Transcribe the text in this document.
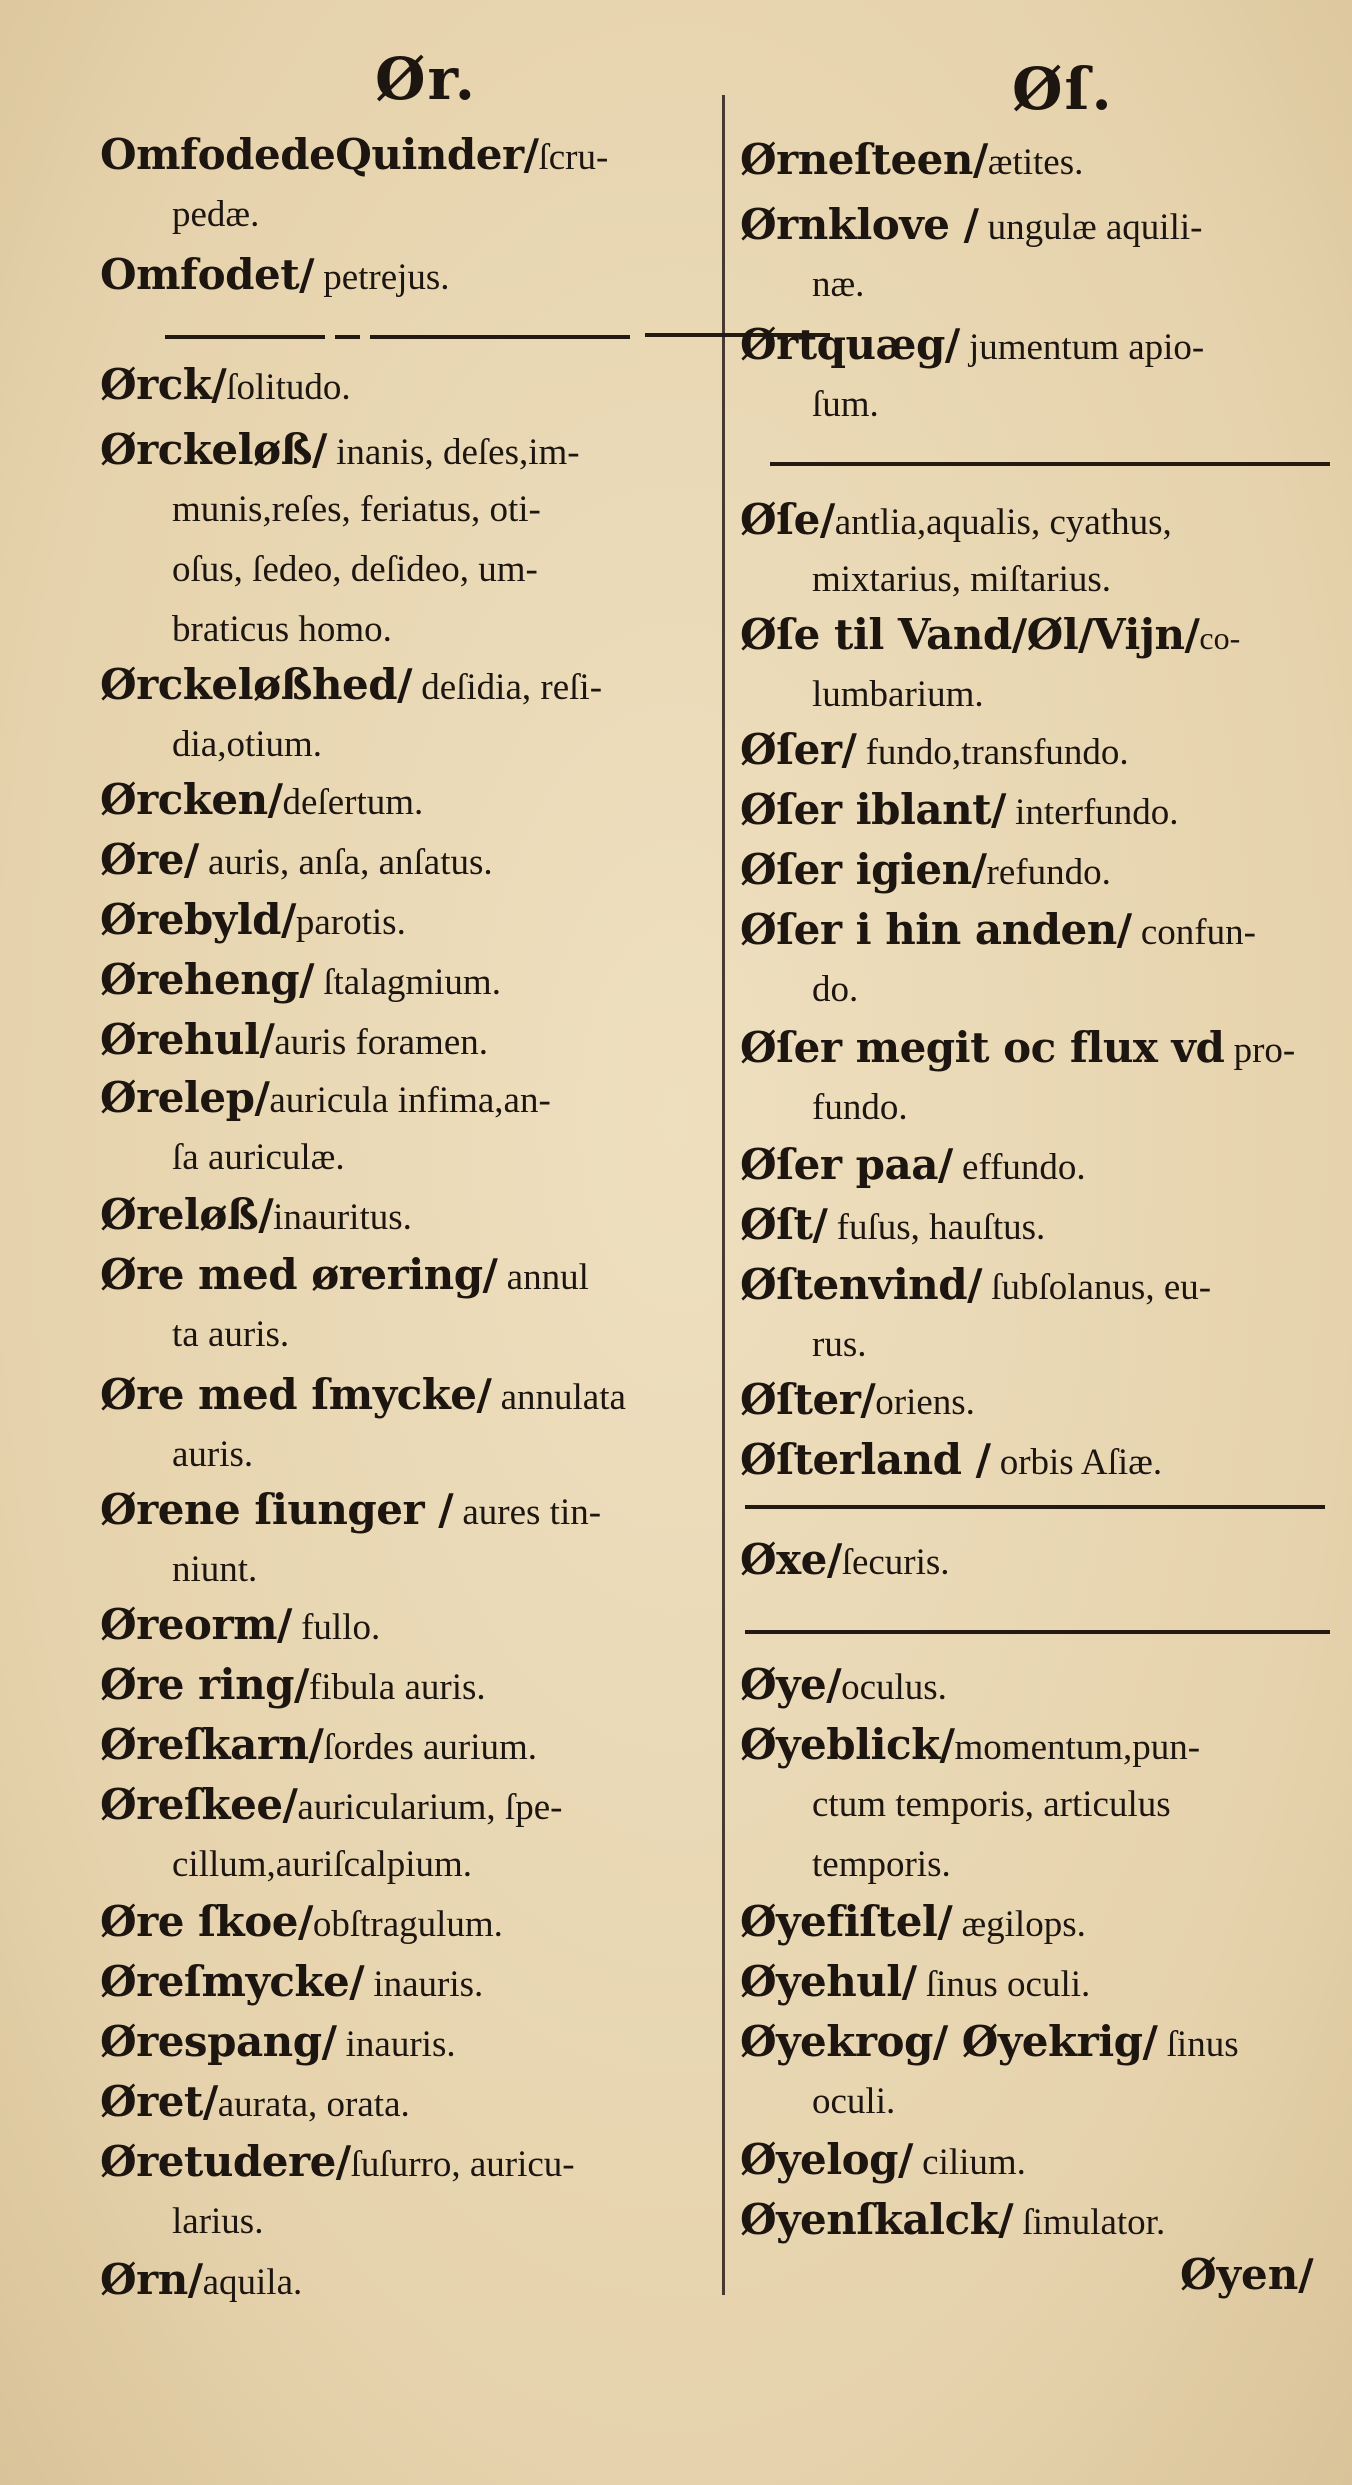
Ør.	Øſ.
OmfodedeQuinder/ſcru-
pedæ.
Omfodet/ petrejus.
Ørck/ſolitudo.
Ørckeløß/ inanis, deſes,im-
munis,reſes, feriatus, oti-
oſus, ſedeo, deſideo, um-
braticus homo.
Ørckeløßhed/ deſidia, reſi-
dia,otium.
Ørcken/deſertum.
Øre/ auris, anſa, anſatus.
Ørebyld/parotis.
Øreheng/ ſtalagmium.
Ørehul/auris foramen.
Ørelep/auricula infima,an-
ſa auriculæ.
Øreløß/inauritus.
Øre med ørering/ annul
ta auris.
Øre med ſmycke/ annulata
auris.
Ørene ſiunger / aures tin-
niunt.
Øreorm/ fullo.
Øre ring/fibula auris.
Øreſkarn/ſordes aurium.
Øreſkee/auricularium, ſpe-
cillum,auriſcalpium.
Øre ſkoe/obſtragulum.
Øreſmycke/ inauris.
Ørespang/ inauris.
Øret/aurata, orata.
Øretudere/ſuſurro, auricu-
larius.
Ørn/aquila.
Ørneſteen/ætites.
Ørnklove / ungulæ aquili-
næ.
Ørtquæg/ jumentum apio-
ſum.
Øſe/antlia,aqualis, cyathus,
mixtarius, miſtarius.
Øſe til Vand/Øl/Vijn/co-
lumbarium.
Øſer/ fundo,transfundo.
Øſer iblant/ interfundo.
Øſer igien/refundo.
Øſer i hin anden/ confun-
do.
Øſer megit oc flux vd pro-
fundo.
Øſer paa/ effundo.
Øſt/ fuſus, hauſtus.
Øſtenvind/ ſubſolanus, eu-
rus.
Øſter/oriens.
Øſterland / orbis Aſiæ.
Øxe/ſecuris.
Øye/oculus.
Øyeblick/momentum,pun-
ctum temporis, articulus
temporis.
Øyefiſtel/ ægilops.
Øyehul/ ſinus oculi.
Øyekrog/ Øyekrig/ ſinus
oculi.
Øyelog/ cilium.
Øyenſkalck/ ſimulator.
Øyen/
